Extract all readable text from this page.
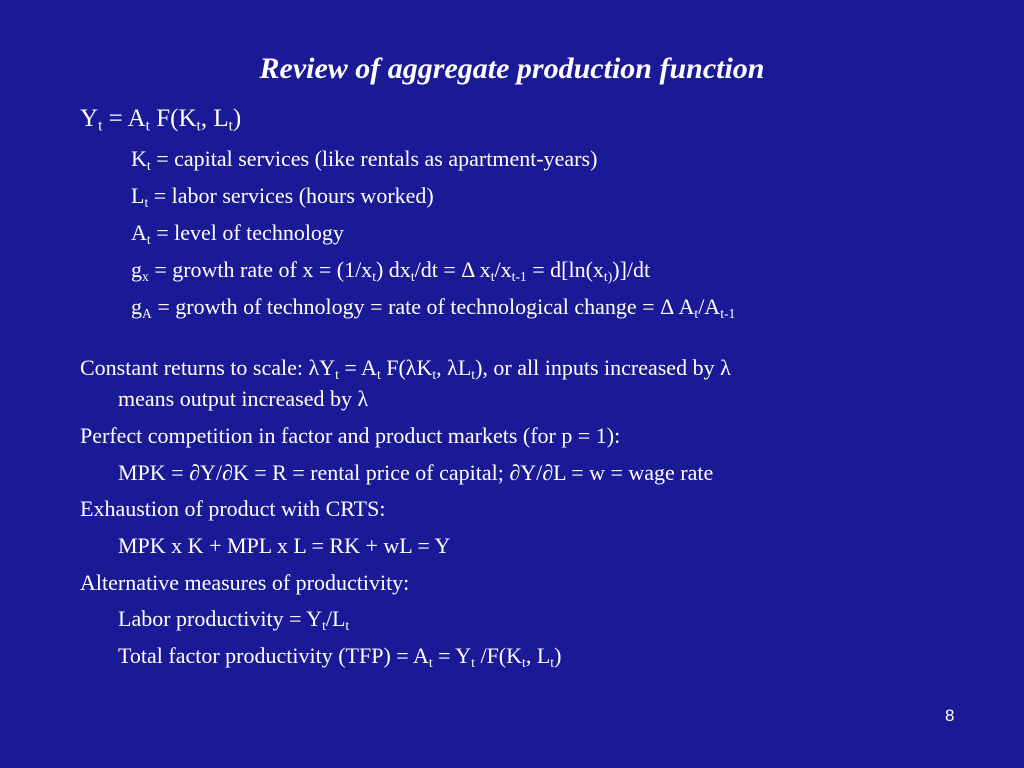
Review of aggregate production function
$Y_t = A_t$ $F(K_t$, $L_t$)
$K_t$ = capital services (like rentals as apartment-years)
$L_t$ = labor services (hours worked)
$A_t$ = level of technology
$g_x$ = growth rate of $x = (1/x_t) dx_t/dt = \Delta$ $x_t/x_{t-1} = d[\ln(x_{t)})]/dt$
$g_A$ = growth of technology = rate of technological change = Δ $A_t/A_{t-1}$
Constant returns to scale: $\lambda Y_t = A_t$ $F(\lambda K_t$, $\lambda L_t$), or all inputs increased by λ
means output increased by λ
Perfect competition in factor and product markets (for p = 1):
MPK = ∂Y/∂K = R = rental price of capital; ∂Y/∂L = w = wage rate
Exhaustion of product with CRTS:
MPK x K + MPL x L = RK + wL = Y
Alternative measures of productivity:
Labor productivity = $Y_t/L_t$
Total factor productivity $(TFP) = A_t = Y_t$ $/F(K_t$, $L_t$)
8
